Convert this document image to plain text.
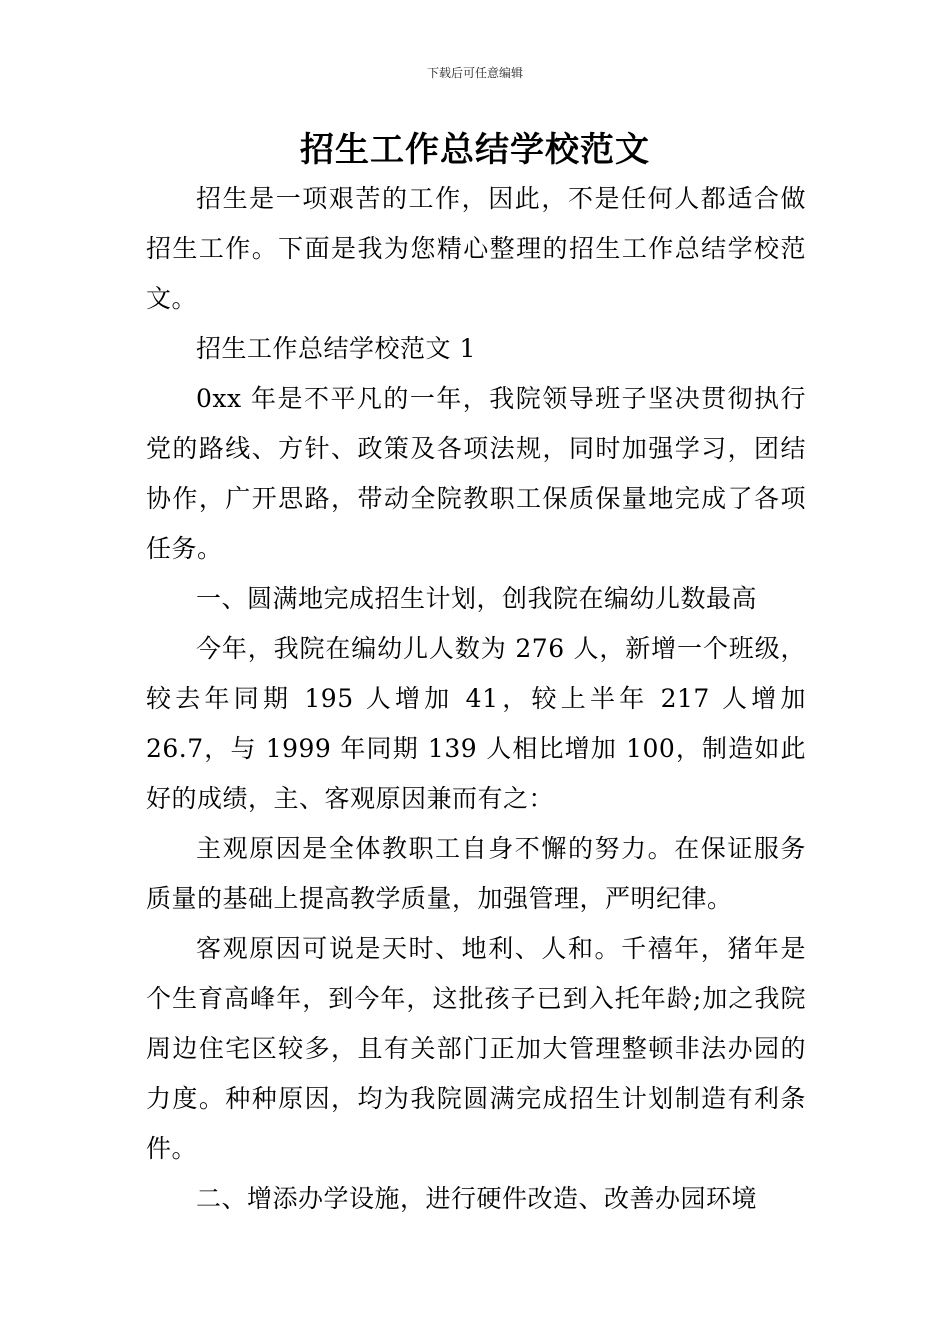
下载后可任意编辑
招生工作总结学校范文

招生是一项艰苦的工作，因此，不是任何人都适合做招生工作。下面是我为您精心整理的招生工作总结学校范文。

招生工作总结学校范文 1

0xx 年是不平凡的一年，我院领导班子坚决贯彻执行党的路线、方针、政策及各项法规，同时加强学习，团结协作，广开思路，带动全院教职工保质保量地完成了各项任务。

一、圆满地完成招生计划，创我院在编幼儿数最高

今年，我院在编幼儿人数为 276 人，新增一个班级，较去年同期 195 人增加 41，较上半年 217 人增加 26.7，与 1999 年同期 139 人相比增加 100，制造如此好的成绩，主、客观原因兼而有之：

主观原因是全体教职工自身不懈的努力。在保证服务质量的基础上提高教学质量，加强管理，严明纪律。

客观原因可说是天时、地利、人和。千禧年，猪年是个生育高峰年，到今年，这批孩子已到入托年龄;加之我院周边住宅区较多，且有关部门正加大管理整顿非法办园的力度。种种原因，均为我院圆满完成招生计划制造有利条件。

二、增添办学设施，进行硬件改造、改善办园环境
